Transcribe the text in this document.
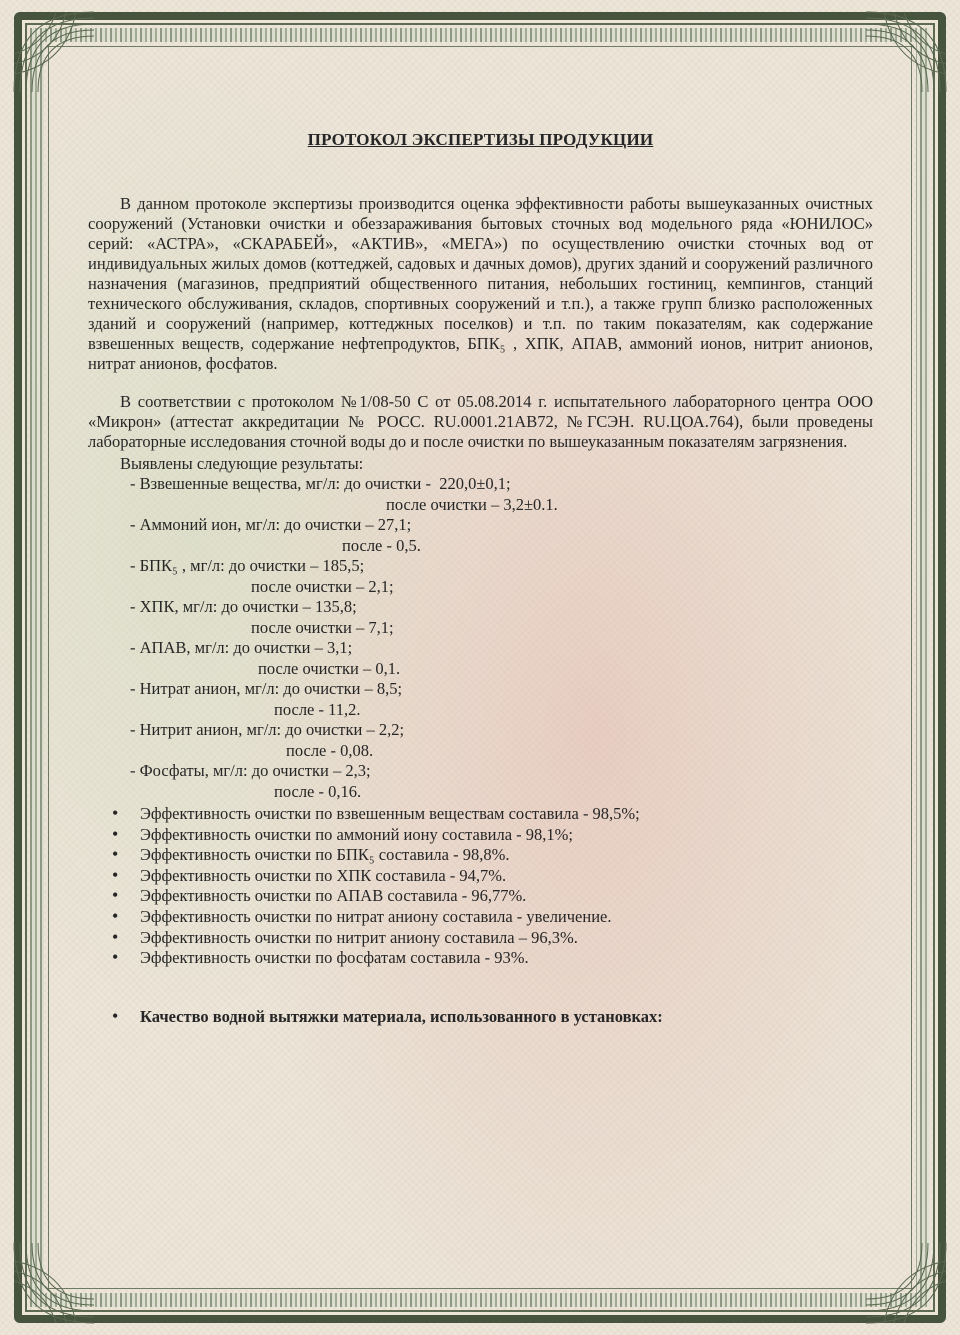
ПРОТОКОЛ ЭКСПЕРТИЗЫ ПРОДУКЦИИ

В данном протоколе экспертизы производится оценка эффективности работы вышеуказанных очистных сооружений (Установки очистки и обеззараживания бытовых сточных вод модельного ряда «ЮНИЛОС» серий: «АСТРА», «СКАРАБЕЙ», «АКТИВ», «МЕГА») по осуществлению очистки сточных вод от индивидуальных жилых домов (коттеджей, садовых и дачных домов), других зданий и сооружений различного назначения (магазинов, предприятий общественного питания, небольших гостиниц, кемпингов, станций технического обслуживания, складов, спортивных сооружений и т.п.), а также групп близко расположенных зданий и сооружений (например, коттеджных поселков) и т.п. по таким показателям, как содержание взвешенных веществ, содержание нефтепродуктов, БПК₅ , ХПК, АПАВ, аммоний ионов, нитрит анионов, нитрат анионов, фосфатов.

В соответствии с протоколом №1/08-50 С от 05.08.2014 г. испытательного лабораторного центра ООО «Микрон» (аттестат аккредитации № РОСС. RU.0001.21АВ72, №ГСЭН. RU.ЦОА.764), были проведены лабораторные исследования сточной воды до и после очистки по вышеуказанным показателям загрязнения.

Выявлены следующие результаты:
- Взвешенные вещества, мг/л: до очистки -  220,0±0,1;
после очистки – 3,2±0.1.
- Аммоний ион, мг/л: до очистки – 27,1;
после - 0,5.
- БПК₅ , мг/л: до очистки – 185,5;
после очистки – 2,1;
- ХПК, мг/л: до очистки – 135,8;
после очистки – 7,1;
- АПАВ, мг/л: до очистки – 3,1;
после очистки – 0,1.
- Нитрат анион, мг/л: до очистки – 8,5;
после - 11,2.
- Нитрит анион, мг/л: до очистки – 2,2;
после - 0,08.
- Фосфаты, мг/л: до очистки – 2,3;
после - 0,16.
• Эффективность очистки по взвешенным веществам составила - 98,5%;
• Эффективность очистки по аммоний иону составила - 98,1%;
• Эффективность очистки по БПК₅ составила - 98,8%.
• Эффективность очистки по ХПК составила - 94,7%.
• Эффективность очистки по АПАВ составила - 96,77%.
• Эффективность очистки по нитрат аниону составила - увеличение.
• Эффективность очистки по нитрит аниону составила – 96,3%.
• Эффективность очистки по фосфатам составила - 93%.
• Качество водной вытяжки материала, использованного в установках:
